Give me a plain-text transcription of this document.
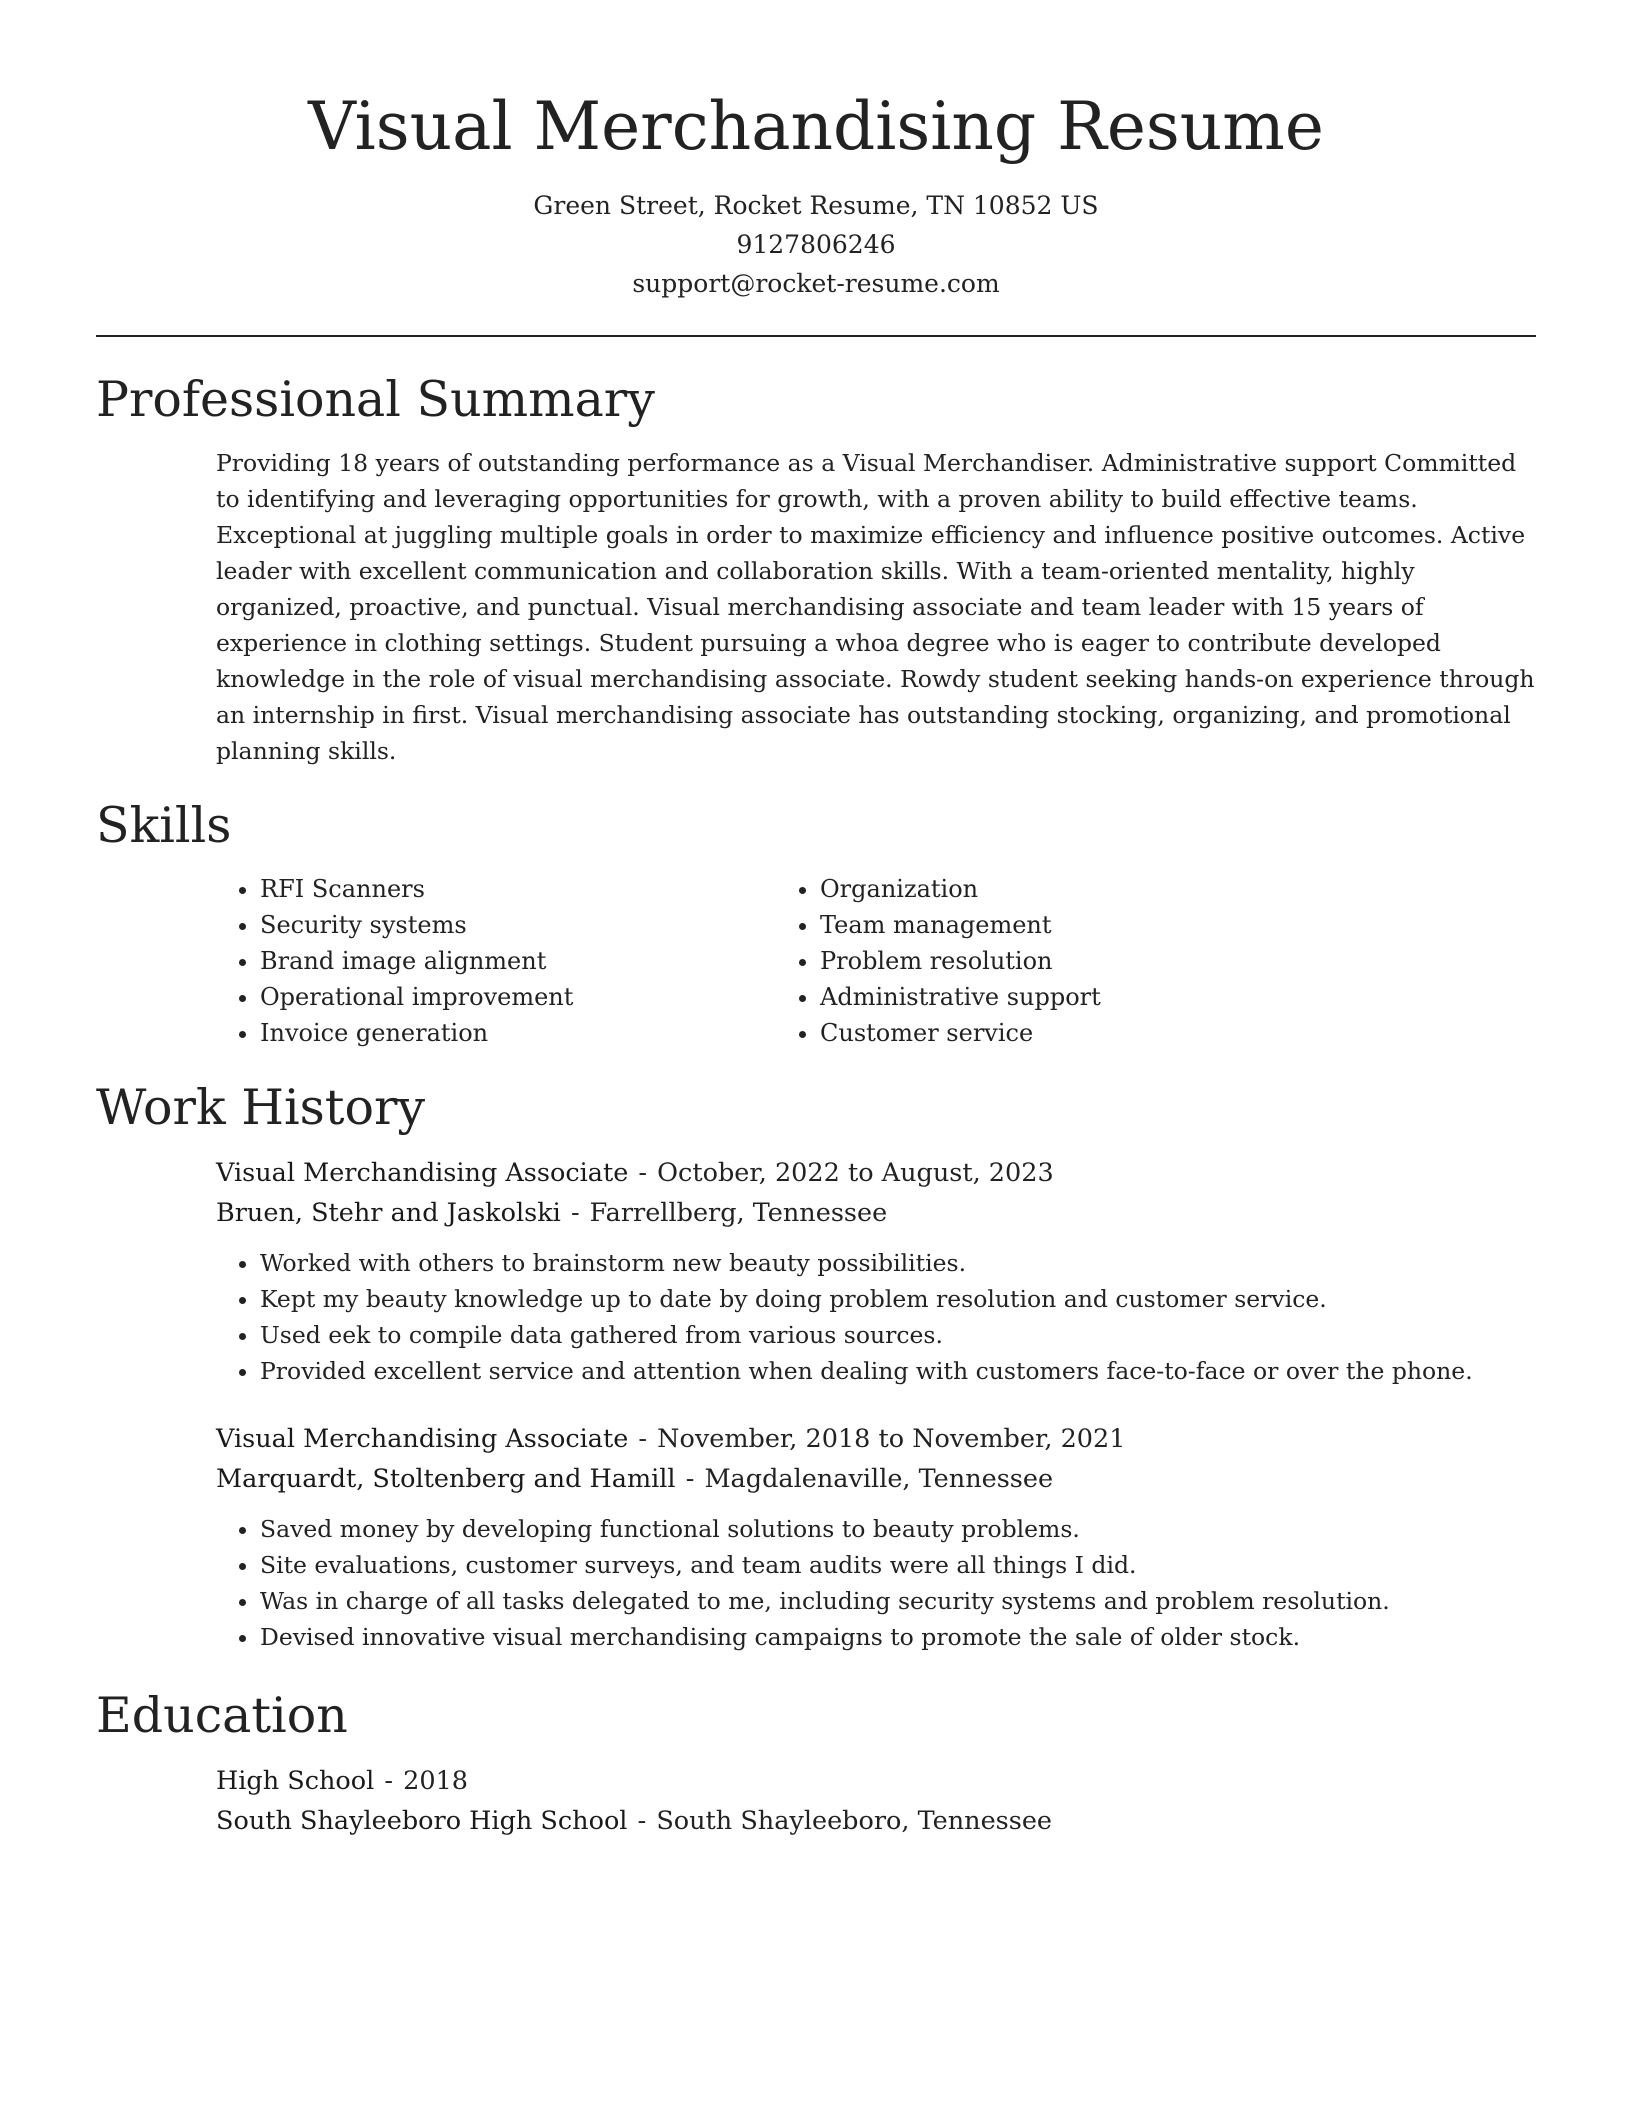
Visual Merchandising Resume
Green Street, Rocket Resume, TN 10852 US
9127806246
support@rocket-resume.com
Professional Summary

Providing 18 years of outstanding performance as a Visual Merchandiser. Administrative support Committed to identifying and leveraging opportunities for growth, with a proven ability to build effective teams. Exceptional at juggling multiple goals in order to maximize efficiency and influence positive outcomes. Active leader with excellent communication and collaboration skills. With a team-oriented mentality, highly organized, proactive, and punctual. Visual merchandising associate and team leader with 15 years of experience in clothing settings. Student pursuing a whoa degree who is eager to contribute developed knowledge in the role of visual merchandising associate. Rowdy student seeking hands-on experience through an internship in first. Visual merchandising associate has outstanding stocking, organizing, and promotional planning skills.

Skills
• RFI Scanners
• Security systems
• Brand image alignment
• Operational improvement
• Invoice generation
• Organization
• Team management
• Problem resolution
• Administrative support
• Customer service
Work History
Visual Merchandising Associate - October, 2022 to August, 2023
Bruen, Stehr and Jaskolski - Farrellberg, Tennessee
• Worked with others to brainstorm new beauty possibilities.
• Kept my beauty knowledge up to date by doing problem resolution and customer service.
• Used eek to compile data gathered from various sources.
• Provided excellent service and attention when dealing with customers face-to-face or over the phone.
Visual Merchandising Associate - November, 2018 to November, 2021
Marquardt, Stoltenberg and Hamill - Magdalenaville, Tennessee
• Saved money by developing functional solutions to beauty problems.
• Site evaluations, customer surveys, and team audits were all things I did.
• Was in charge of all tasks delegated to me, including security systems and problem resolution.
• Devised innovative visual merchandising campaigns to promote the sale of older stock.
Education
High School - 2018
South Shayleeboro High School - South Shayleeboro, Tennessee
